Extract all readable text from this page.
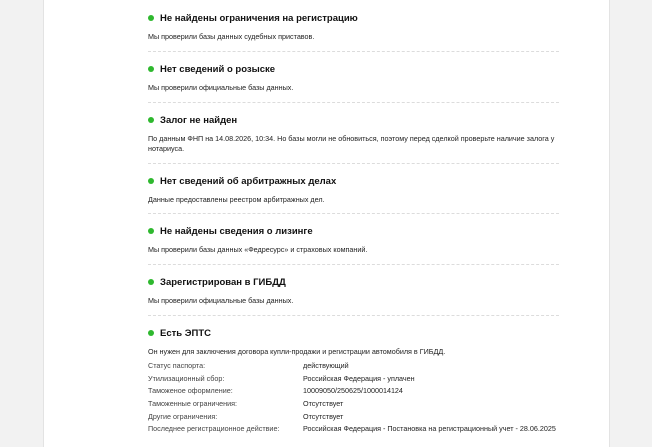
Не найдены ограничения на регистрацию
Мы проверили базы данных судебных приставов.
Нет сведений о розыске
Мы проверили официальные базы данных.
Залог не найден
По данным ФНП на 14.08.2026, 10:34. Но базы могли не обновиться, поэтому перед сделкой проверьте наличие залога у нотариуса.
Нет сведений об арбитражных делах
Данные предоставлены реестром арбитражных дел.
Не найдены сведения о лизинге
Мы проверили базы данных «Федресурс» и страховых компаний.
Зарегистрирован в ГИБДД
Мы проверили официальные базы данных.
Есть ЭПТС
Он нужен для заключения договора купли-продажи и регистрации автомобиля в ГИБДД.
Статус паспорта:	действующий
Утилизационный сбор:	Российская Федерация - уплачен
Таможеное оформление:	10009050/250625/1000014124
Таможенные ограничения:	Отсутствует
Другие ограничения:	Отсутствует
Последнее регистрационное действие:	Российская Федерация - Постановка на регистрационный учет - 28.06.2025
